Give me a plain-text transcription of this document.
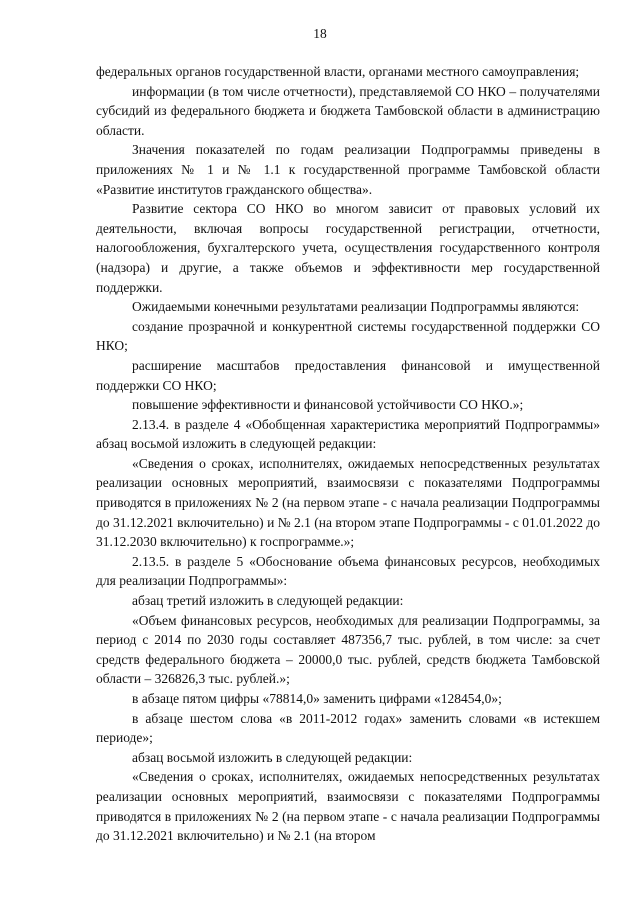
18

федеральных органов государственной власти, органами местного самоуправления;

информации (в том числе отчетности), представляемой СО НКО – получателями субсидий из федерального бюджета и бюджета Тамбовской области в администрацию области.

Значения показателей по годам реализации Подпрограммы приведены в приложениях № 1 и № 1.1 к государственной программе Тамбовской области «Развитие институтов гражданского общества».

Развитие сектора СО НКО во многом зависит от правовых условий их деятельности, включая вопросы государственной регистрации, отчетности, налогообложения, бухгалтерского учета, осуществления государственного контроля (надзора) и другие, а также объемов и эффективности мер государственной поддержки.

Ожидаемыми конечными результатами реализации Подпрограммы являются:

создание прозрачной и конкурентной системы государственной поддержки СО НКО;

расширение масштабов предоставления финансовой и имущественной поддержки СО НКО;

повышение эффективности и финансовой устойчивости СО НКО.»;

2.13.4. в разделе 4 «Обобщенная характеристика мероприятий Подпрограммы» абзац восьмой изложить в следующей редакции:

«Сведения о сроках, исполнителях, ожидаемых непосредственных результатах реализации основных мероприятий, взаимосвязи с показателями Подпрограммы приводятся в приложениях № 2 (на первом этапе - с начала реализации Подпрограммы до 31.12.2021 включительно) и № 2.1 (на втором этапе Подпрограммы - с 01.01.2022 до 31.12.2030 включительно) к госпрограмме.»;

2.13.5. в разделе 5 «Обоснование объема финансовых ресурсов, необходимых для реализации Подпрограммы»:

абзац третий изложить в следующей редакции:

«Объем финансовых ресурсов, необходимых для реализации Подпрограммы, за период с 2014 по 2030 годы составляет 487356,7 тыс. рублей, в том числе: за счет средств федерального бюджета – 20000,0 тыс. рублей, средств бюджета Тамбовской области – 326826,3 тыс. рублей.»;

в абзаце пятом цифры «78814,0» заменить цифрами «128454,0»;

в абзаце шестом слова «в 2011-2012 годах» заменить словами «в истекшем периоде»;

абзац восьмой изложить в следующей редакции:

«Сведения о сроках, исполнителях, ожидаемых непосредственных результатах реализации основных мероприятий, взаимосвязи с показателями Подпрограммы приводятся в приложениях № 2 (на первом этапе - с начала реализации Подпрограммы до 31.12.2021 включительно) и № 2.1 (на втором
